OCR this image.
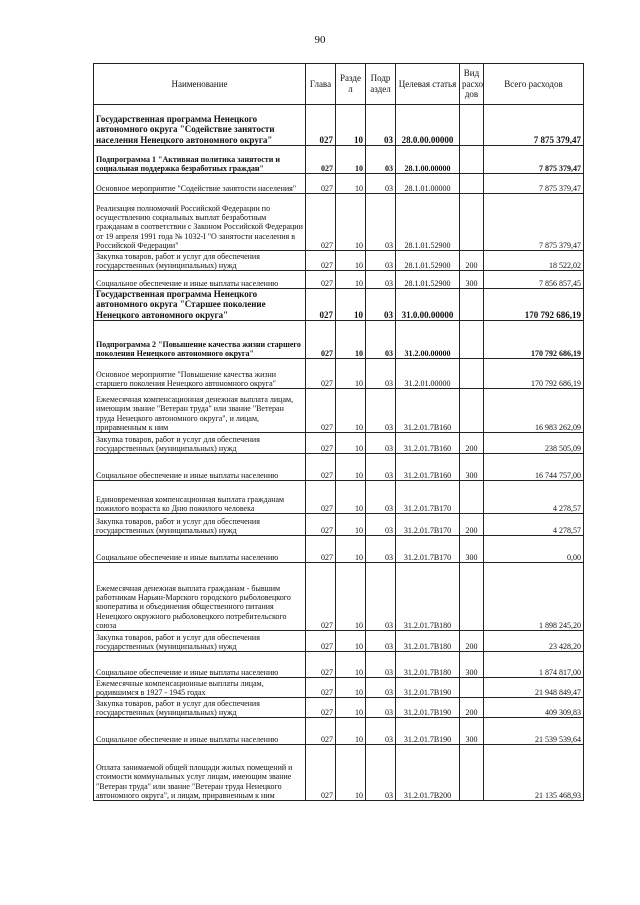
90
Наименование	Глава	Разде л	Подр аздел	Целевая статья	Вид расхо дов	Всего расходов
Государственная программа Ненецкого автономного округа "Содействие занятости населения Ненецкого автономного округа"	027	10	03	28.0.00.00000		7 875 379,47
Подпрограмма 1 "Активная политика занятости и социальная поддержка безработных граждан"	027	10	03	28.1.00.00000		7 875 379,47
Основное мероприятие "Содействие занятости населения"	027	10	03	28.1.01.00000		7 875 379,47
Реализация полномочий Российской Федерации по осуществлению социальных выплат безработным гражданам в соответствии с Законом Российской Федерации от 19 апреля 1991 года № 1032-I "О занятости населения в Российской Федерации"	027	10	03	28.1.01.52900		7 875 379,47
Закупка товаров, работ и услуг для обеспечения государственных (муниципальных) нужд	027	10	03	28.1.01.52900	200	18 522,02
Социальное обеспечение и иные выплаты населению	027	10	03	28.1.01.52900	300	7 856 857,45
Государственная программа Ненецкого автономного округа "Старшее поколение Ненецкого автономного округа"	027	10	03	31.0.00.00000		170 792 686,19
Подпрограмма 2 "Повышение качества жизни старшего поколения Ненецкого автономного округа"	027	10	03	31.2.00.00000		170 792 686,19
Основное мероприятие "Повышение качества жизни старшего поколения Ненецкого автономного округа"	027	10	03	31.2.01.00000		170 792 686,19
Ежемесячная компенсационная денежная выплата лицам, имеющим звание "Ветеран труда" или звание "Ветеран труда Ненецкого автономного округа", и лицам, приравненным к ним	027	10	03	31.2.01.7В160		16 983 262,09
Закупка товаров, работ и услуг для обеспечения государственных (муниципальных) нужд	027	10	03	31.2.01.7В160	200	238 505,09
Социальное обеспечение и иные выплаты населению	027	10	03	31.2.01.7В160	300	16 744 757,00
Единовременная компенсационная выплата гражданам пожилого возраста ко Дню пожилого человека	027	10	03	31.2.01.7В170		4 278,57
Закупка товаров, работ и услуг для обеспечения государственных (муниципальных) нужд	027	10	03	31.2.01.7В170	200	4 278,57
Социальное обеспечение и иные выплаты населению	027	10	03	31.2.01.7В170	300	0,00
Ежемесячная денежная выплата гражданам - бывшим работникам Нарьян-Марского городского рыболовецкого кооператива и объединения общественного питания Ненецкого окружного рыболовецкого потребительского союза	027	10	03	31.2.01.7В180		1 898 245,20
Закупка товаров, работ и услуг для обеспечения государственных (муниципальных) нужд	027	10	03	31.2.01.7В180	200	23 428,20
Социальное обеспечение и иные выплаты населению	027	10	03	31.2.01.7В180	300	1 874 817,00
Ежемесячные компенсационные выплаты лицам, родившимся в 1927 - 1945 годах	027	10	03	31.2.01.7В190		21 948 849,47
Закупка товаров, работ и услуг для обеспечения государственных (муниципальных) нужд	027	10	03	31.2.01.7В190	200	409 309,83
Социальное обеспечение и иные выплаты населению	027	10	03	31.2.01.7В190	300	21 539 539,64
Оплата занимаемой общей площади жилых помещений и стоимости коммунальных услуг лицам, имеющим звание "Ветеран труда" или звание "Ветеран труда Ненецкого автономного округа", и лицам, приравненным к ним	027	10	03	31.2.01.7В200		21 135 468,93
